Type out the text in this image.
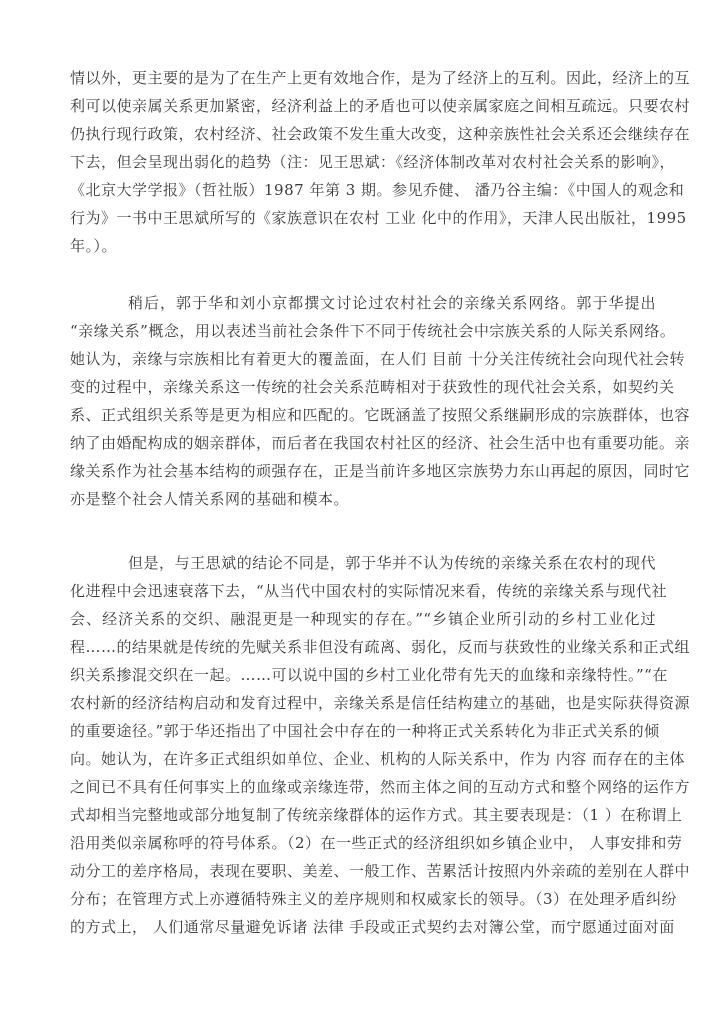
情以外，更主要的是为了在生产上更有效地合作，是为了经济上的互利。因此，经济上的互
利可以使亲属关系更加紧密，经济利益上的矛盾也可以使亲属家庭之间相互疏远。只要农村
仍执行现行政策，农村经济、社会政策不发生重大改变，这种亲族性社会关系还会继续存在
下去，但会呈现出弱化的趋势（注：见王思斌：《经济体制改革对农村社会关系的影响》，
《北京大学学报》（哲社版）1987 年第 3 期。参见乔健、 潘乃谷主编：《中国人的观念和
行为》一书中王思斌所写的《家族意识在农村 工业 化中的作用》，天津人民出版社，1995
年。）。
稍后，郭于华和刘小京都撰文讨论过农村社会的亲缘关系网络。郭于华提出
“亲缘关系”概念，用以表述当前社会条件下不同于传统社会中宗族关系的人际关系网络。
她认为，亲缘与宗族相比有着更大的覆盖面，在人们 目前 十分关注传统社会向现代社会转
变的过程中，亲缘关系这一传统的社会关系范畴相对于获致性的现代社会关系，如契约关
系、正式组织关系等是更为相应和匹配的。它既涵盖了按照父系继嗣形成的宗族群体，也容
纳了由婚配构成的姻亲群体，而后者在我国农村社区的经济、社会生活中也有重要功能。亲
缘关系作为社会基本结构的顽强存在，正是当前许多地区宗族势力东山再起的原因，同时它
亦是整个社会人情关系网的基础和模本。
但是，与王思斌的结论不同是，郭于华并不认为传统的亲缘关系在农村的现代
化进程中会迅速衰落下去，“从当代中国农村的实际情况来看，传统的亲缘关系与现代社
会、经济关系的交织、融混更是一种现实的存在。”“乡镇企业所引动的乡村工业化过
程……的结果就是传统的先赋关系非但没有疏离、弱化，反而与获致性的业缘关系和正式组
织关系掺混交织在一起。……可以说中国的乡村工业化带有先天的血缘和亲缘特性。”“在
农村新的经济结构启动和发育过程中，亲缘关系是信任结构建立的基础，也是实际获得资源
的重要途径。”郭于华还指出了中国社会中存在的一种将正式关系转化为非正式关系的倾
向。她认为，在许多正式组织如单位、企业、机构的人际关系中，作为 内容 而存在的主体
之间已不具有任何事实上的血缘或亲缘连带，然而主体之间的互动方式和整个网络的运作方
式却相当完整地或部分地复制了传统亲缘群体的运作方式。其主要表现是：（1 ）在称谓上
沿用类似亲属称呼的符号体系。（2）在一些正式的经济组织如乡镇企业中， 人事安排和劳
动分工的差序格局，表现在要职、美差、一般工作、苦累活计按照内外亲疏的差别在人群中
分布；在管理方式上亦遵循特殊主义的差序规则和权威家长的领导。（3）在处理矛盾纠纷
的方式上， 人们通常尽量避免诉诸 法律 手段或正式契约去对簿公堂，而宁愿通过面对面
